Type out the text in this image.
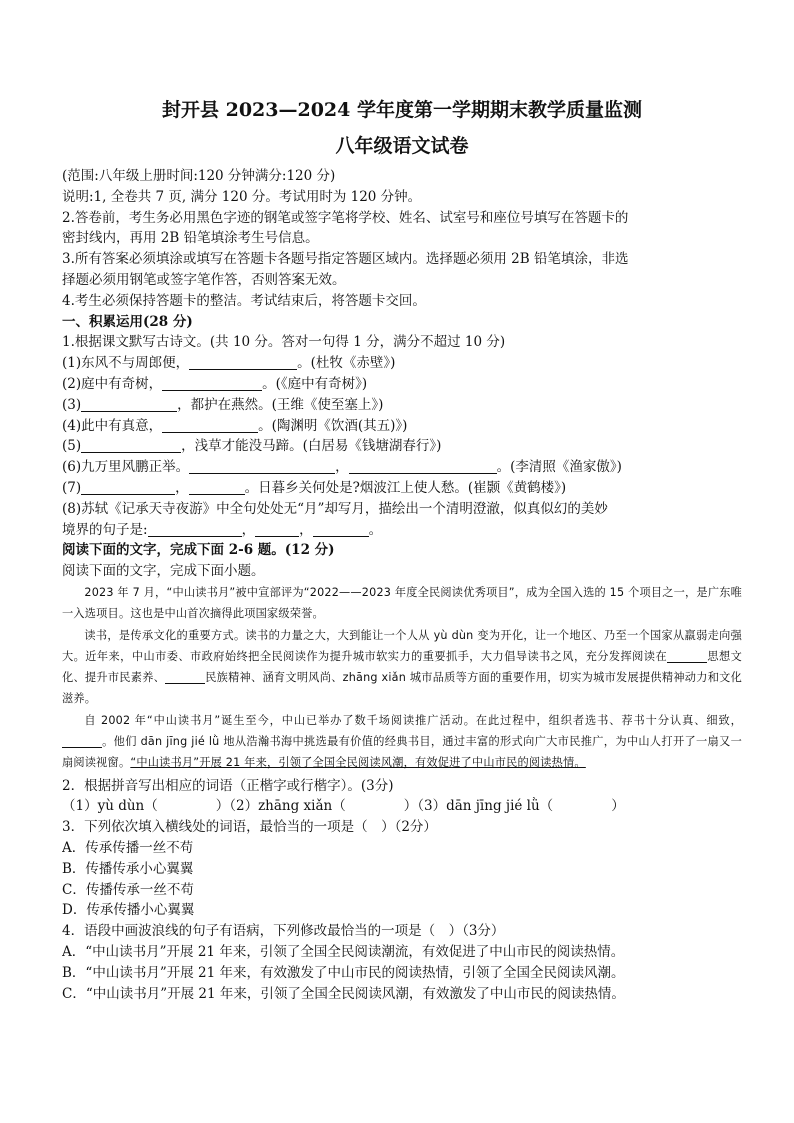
封开县 2023—2024 学年度第一学期期末教学质量监测
八年级语文试卷
(范围:八年级上册时间:120 分钟满分:120 分)
说明:1, 全卷共 7 页, 满分 120 分。考试用时为 120 分钟。
2.答卷前，考生务必用黑色字迹的钢笔或签字笔将学校、姓名、试室号和座位号填写在答题卡的
密封线内，再用 2B 铅笔填涂考生号信息。
3.所有答案必须填涂或填写在答题卡各题号指定答题区域内。选择题必须用 2B 铅笔填涂，非选
择题必须用钢笔或签字笔作答，否则答案无效。
4.考生必须保持答题卡的整洁。考试结束后，将答题卡交回。
一、积累运用(28 分)
1.根据课文默写古诗文。(共 10 分。答对一句得 1 分，满分不超过 10 分)
(1)东风不与周郎便，	。(杜牧《赤壁》)
(2)庭中有奇树，	。(《庭中有奇树》)
(3)	，都护在燕然。(王维《使至塞上》)
(4)此中有真意，	。(陶渊明《饮酒(其五)》)
(5)	，浅草才能没马蹄。(白居易《钱塘湖春行》)
(6)九万里风鹏正举。	，	。(李清照《渔家傲》)
(7)	，	。日暮乡关何处是?烟波江上使人愁。(崔颢《黄鹤楼》)
(8)苏轼《记承天寺夜游》中全句处处无“月”却写月，描绘出一个清明澄澈，似真似幻的美妙
境界的句子是:	，	，	。
阅读下面的文字，完成下面 2-6 题。(12 分)
阅读下面的文字，完成下面小题。

2023 年 7 月，“中山读书月”被中宣部评为“2022——2023 年度全民阅读优秀项目”，成为全国入选的 15 个项目之一，是广东唯一入选项目。这也是中山首次摘得此项国家级荣誉。

读书，是传承文化的重要方式。读书的力量之大，大到能让一个人从 yù dùn 变为开化，让一个地区、乃至一个国家从羸弱走向强大。近年来，中山市委、市政府始终把全民阅读作为提升城市软实力的重要抓手，大力倡导读书之风，充分发挥阅读在	思想文化、提升市民素养、	民族精神、涵育文明风尚、zhāng xiǎn 城市品质等方面的重要作用，切实为城市发展提供精神动力和文化滋养。

自 2002 年“中山读书月”诞生至今，中山已举办了数千场阅读推广活动。在此过程中，组织者选书、荐书十分认真、细致，。他们 dān jīng jié lǜ 地从浩瀚书海中挑选最有价值的经典书目，通过丰富的形式向广大市民推广，为中山人打开了一扇又一扇阅读视窗。“中山读书月”开展 21 年来，引领了全国全民阅读风潮，有效促进了中山市民的阅读热情。

2．根据拼音写出相应的词语（正楷字或行楷字）。(3分)
（1）yù dùn（	）（2）zhāng xiǎn（	）（3）dān jīng jié lǜ（	）
3．下列依次填入横线处的词语，最恰当的一项是（　）（2分）
A．传承传播一丝不苟
B．传播传承小心翼翼
C．传播传承一丝不苟
D．传承传播小心翼翼
4．语段中画波浪线的句子有语病，下列修改最恰当的一项是（　）（3分）
A．“中山读书月”开展 21 年来，引领了全国全民阅读潮流，有效促进了中山市民的阅读热情。
B．“中山读书月”开展 21 年来，有效激发了中山市民的阅读热情，引领了全国全民阅读风潮。
C．“中山读书月”开展 21 年来，引领了全国全民阅读风潮，有效激发了中山市民的阅读热情。
